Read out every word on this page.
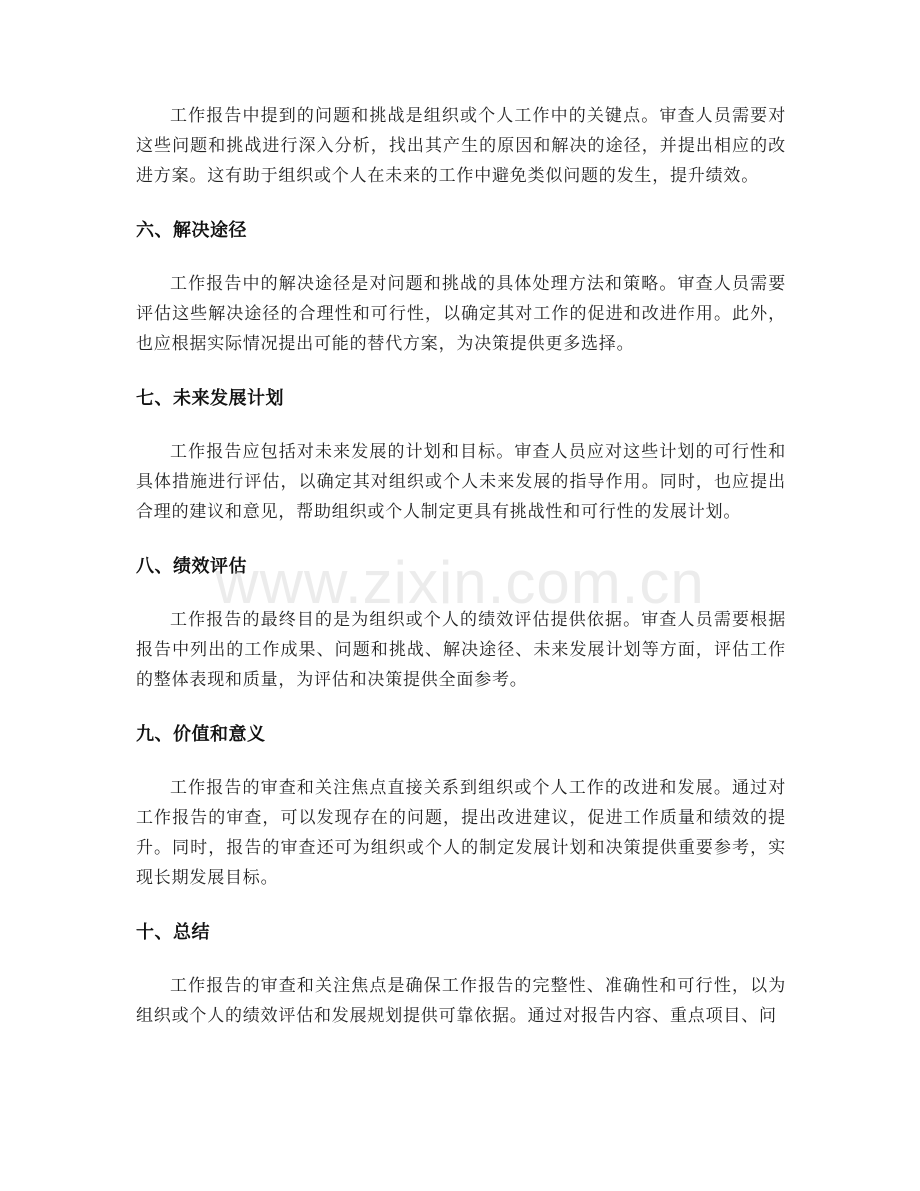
工作报告中提到的问题和挑战是组织或个人工作中的关键点。审查人员需要对这些问题和挑战进行深入分析，找出其产生的原因和解决的途径，并提出相应的改进方案。这有助于组织或个人在未来的工作中避免类似问题的发生，提升绩效。

六、解决途径

工作报告中的解决途径是对问题和挑战的具体处理方法和策略。审查人员需要评估这些解决途径的合理性和可行性，以确定其对工作的促进和改进作用。此外，也应根据实际情况提出可能的替代方案，为决策提供更多选择。

七、未来发展计划

工作报告应包括对未来发展的计划和目标。审查人员应对这些计划的可行性和具体措施进行评估，以确定其对组织或个人未来发展的指导作用。同时，也应提出合理的建议和意见，帮助组织或个人制定更具有挑战性和可行性的发展计划。

八、绩效评估

工作报告的最终目的是为组织或个人的绩效评估提供依据。审查人员需要根据报告中列出的工作成果、问题和挑战、解决途径、未来发展计划等方面，评估工作的整体表现和质量，为评估和决策提供全面参考。

九、价值和意义

工作报告的审查和关注焦点直接关系到组织或个人工作的改进和发展。通过对工作报告的审查，可以发现存在的问题，提出改进建议，促进工作质量和绩效的提升。同时，报告的审查还可为组织或个人的制定发展计划和决策提供重要参考，实现长期发展目标。

十、总结

工作报告的审查和关注焦点是确保工作报告的完整性、准确性和可行性，以为组织或个人的绩效评估和发展规划提供可靠依据。通过对报告内容、重点项目、问

www.zixin.com.cn
